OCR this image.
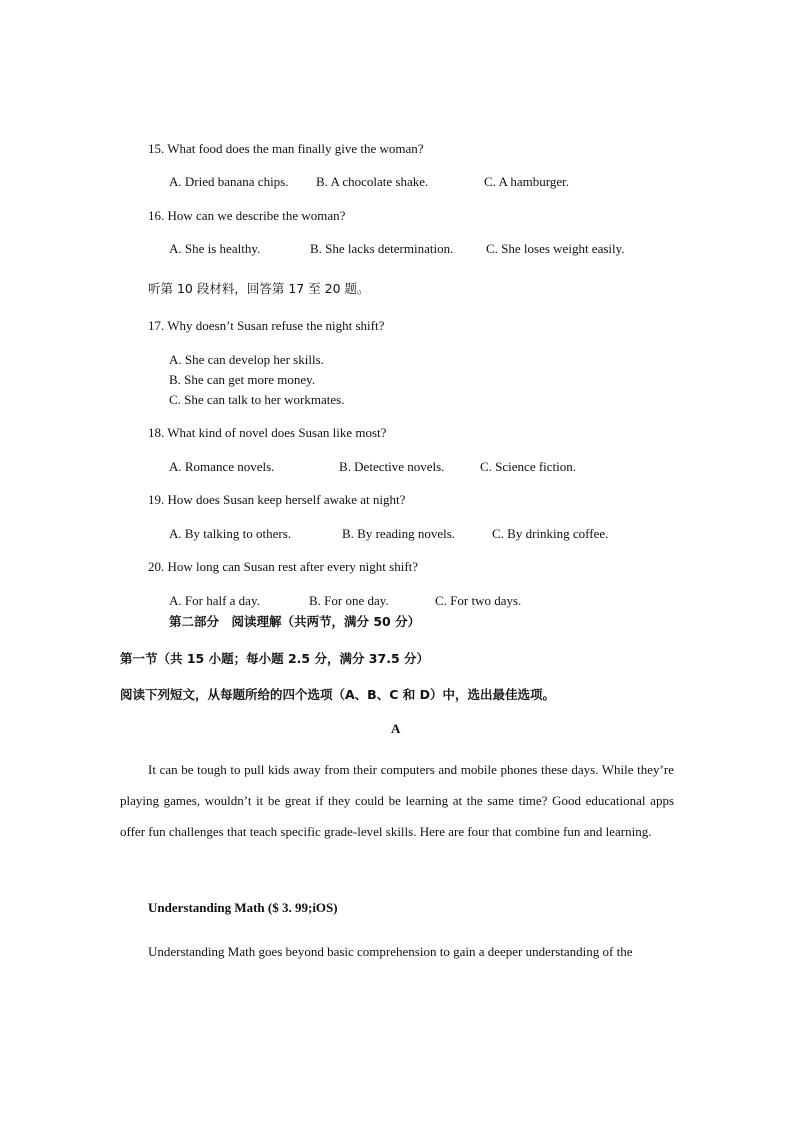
15. What food does the man finally give the woman?
A. Dried banana chips. B. A chocolate shake.	C. A hamburger.
16. How can we describe the woman?
A. She is healthy.	B. She lacks determination.	C. She loses weight easily.
听第 10 段材料，回答第 17 至 20 题。
17. Why doesn’t Susan refuse the night shift?
A. She can develop her skills.
B. She can get more money.
C. She can talk to her workmates.
18. What kind of novel does Susan like most?
A. Romance novels.	B. Detective novels.	C. Science fiction.
19. How does Susan keep herself awake at night?
A. By talking to others.	B. By reading novels.	C. By drinking coffee.
20. How long can Susan rest after every night shift?
A. For half a day.	B. For one day.	C. For two days.
第二部分　阅读理解（共两节，满分 50 分）
第一节（共 15 小题；每小题 2.5 分，满分 37.5 分）
阅读下列短文，从每题所给的四个选项（A、B、C 和 D）中，选出最佳选项。
A
It can be tough to pull kids away from their computers and mobile phones these days. While they’re playing games, wouldn’t it be great if they could be learning at the same time? Good educational apps offer fun challenges that teach specific grade-level skills. Here are four that combine fun and learning.
Understanding Math ($ 3. 99;iOS)
Understanding Math goes beyond basic comprehension to gain a deeper understanding of the
